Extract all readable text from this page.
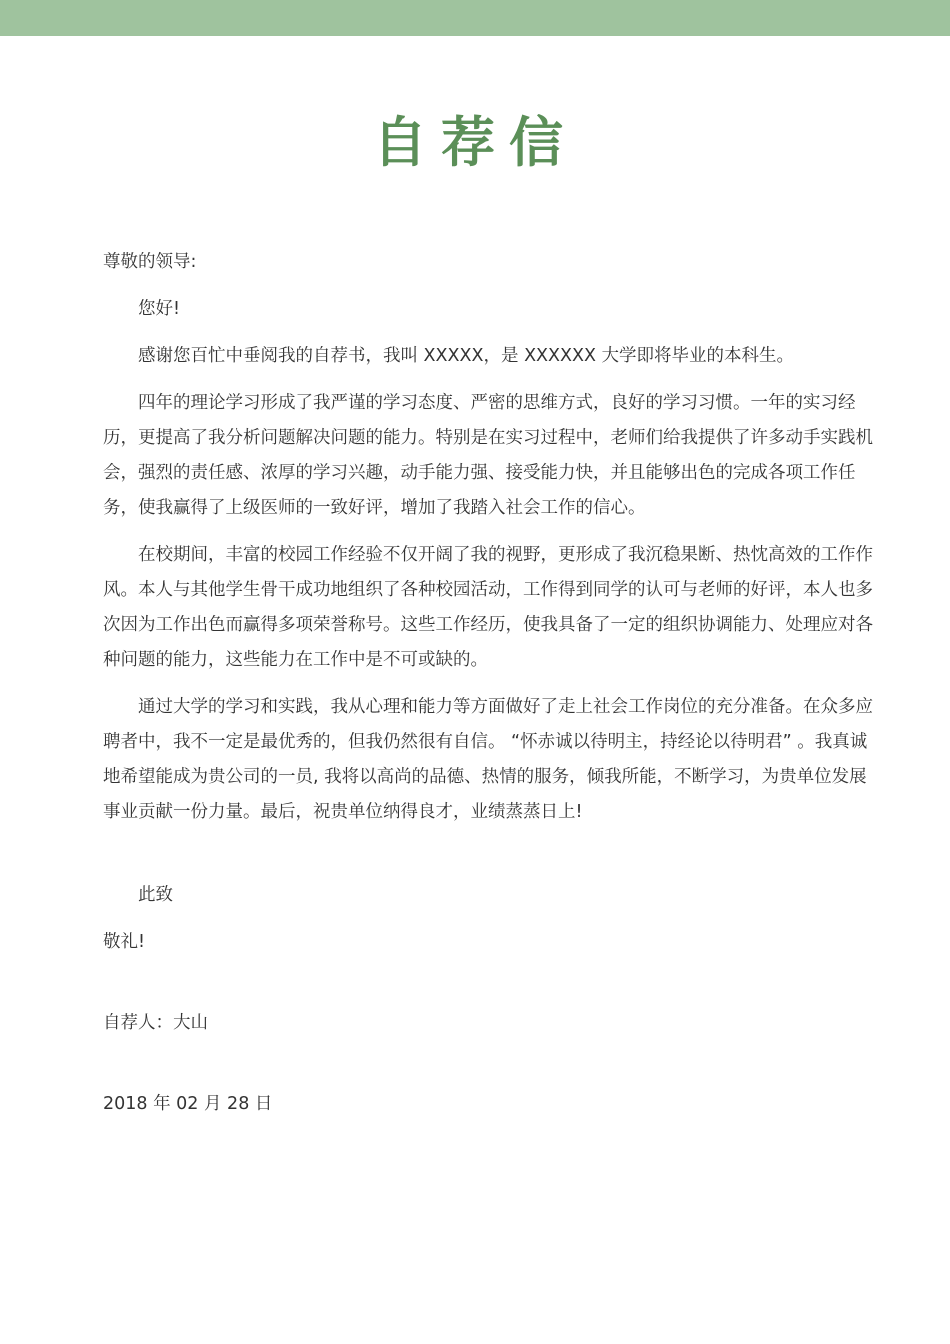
自荐信

尊敬的领导:

您好!

感谢您百忙中垂阅我的自荐书，我叫 XXXXX，是 XXXXXX 大学即将毕业的本科生。

四年的理论学习形成了我严谨的学习态度、严密的思维方式，良好的学习习惯。一年的实习经历，更提高了我分析问题解决问题的能力。特别是在实习过程中，老师们给我提供了许多动手实践机会，强烈的责任感、浓厚的学习兴趣，动手能力强、接受能力快，并且能够出色的完成各项工作任务，使我赢得了上级医师的一致好评，增加了我踏入社会工作的信心。

在校期间，丰富的校园工作经验不仅开阔了我的视野，更形成了我沉稳果断、热忱高效的工作作风。本人与其他学生骨干成功地组织了各种校园活动，工作得到同学的认可与老师的好评，本人也多次因为工作出色而赢得多项荣誉称号。这些工作经历，使我具备了一定的组织协调能力、处理应对各种问题的能力，这些能力在工作中是不可或缺的。

通过大学的学习和实践，我从心理和能力等方面做好了走上社会工作岗位的充分准备。在众多应聘者中，我不一定是最优秀的，但我仍然很有自信。 “怀赤诚以待明主，持经论以待明君” 。我真诚地希望能成为贵公司的一员, 我将以高尚的品德、热情的服务，倾我所能，不断学习，为贵单位发展事业贡献一份力量。最后，祝贵单位纳得良才，业绩蒸蒸日上!

此致

敬礼!

自荐人：大山

2018 年 02 月 28 日
